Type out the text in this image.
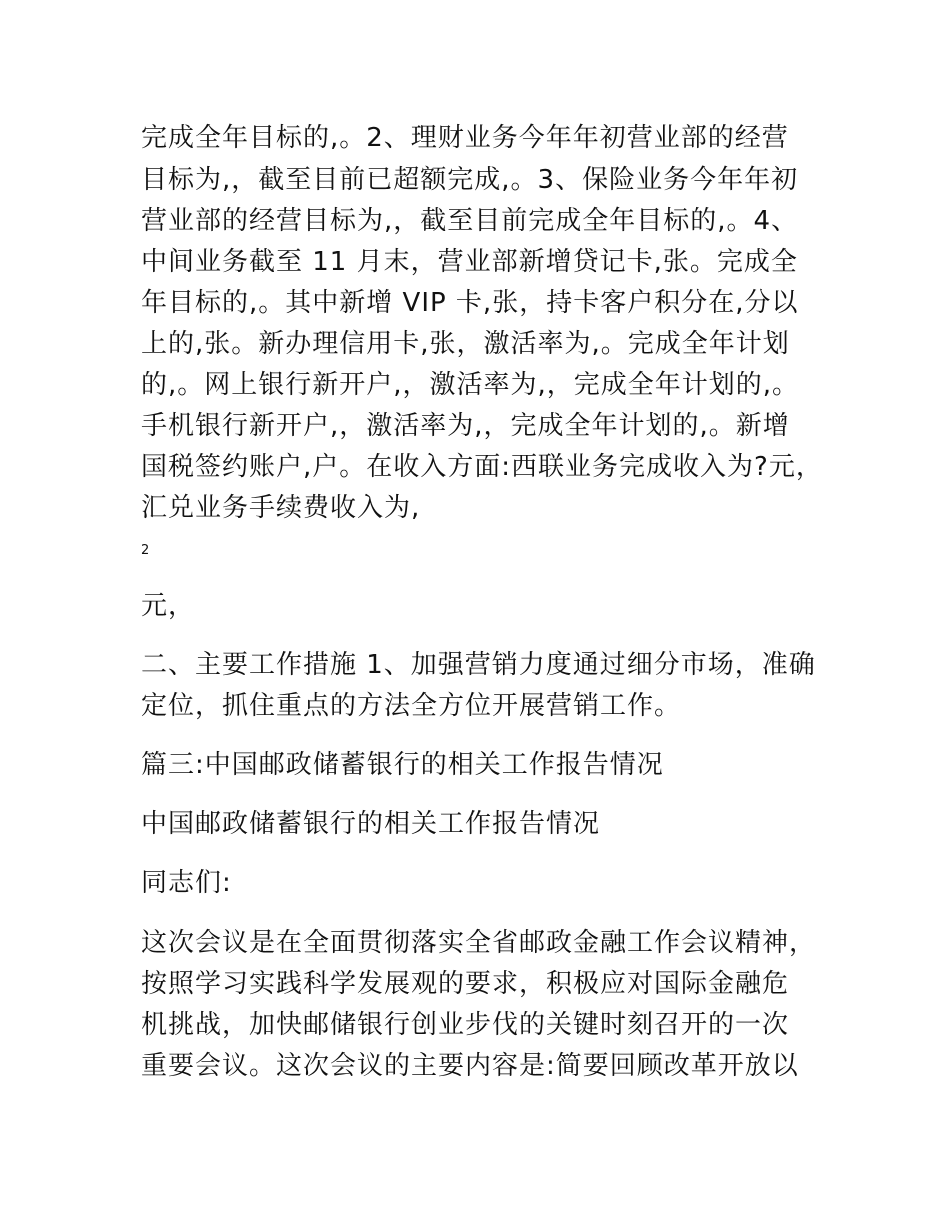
完成全年目标的,。2、理财业务今年年初营业部的经营
目标为,，截至目前已超额完成,。3、保险业务今年年初
营业部的经营目标为,，截至目前完成全年目标的,。4、
中间业务截至 11 月末，营业部新增贷记卡,张。完成全
年目标的,。其中新增 VIP 卡,张，持卡客户积分在,分以
上的,张。新办理信用卡,张，激活率为,。完成全年计划
的,。网上银行新开户,，激活率为,，完成全年计划的,。
手机银行新开户,，激活率为,，完成全年计划的,。新增
国税签约账户,户。在收入方面:西联业务完成收入为?元，
汇兑业务手续费收入为,
2
元，
二、主要工作措施 1、加强营销力度通过细分市场，准确
定位，抓住重点的方法全方位开展营销工作。
篇三:中国邮政储蓄银行的相关工作报告情况
中国邮政储蓄银行的相关工作报告情况
同志们:
这次会议是在全面贯彻落实全省邮政金融工作会议精神，
按照学习实践科学发展观的要求，积极应对国际金融危
机挑战，加快邮储银行创业步伐的关键时刻召开的一次
重要会议。这次会议的主要内容是:简要回顾改革开放以
